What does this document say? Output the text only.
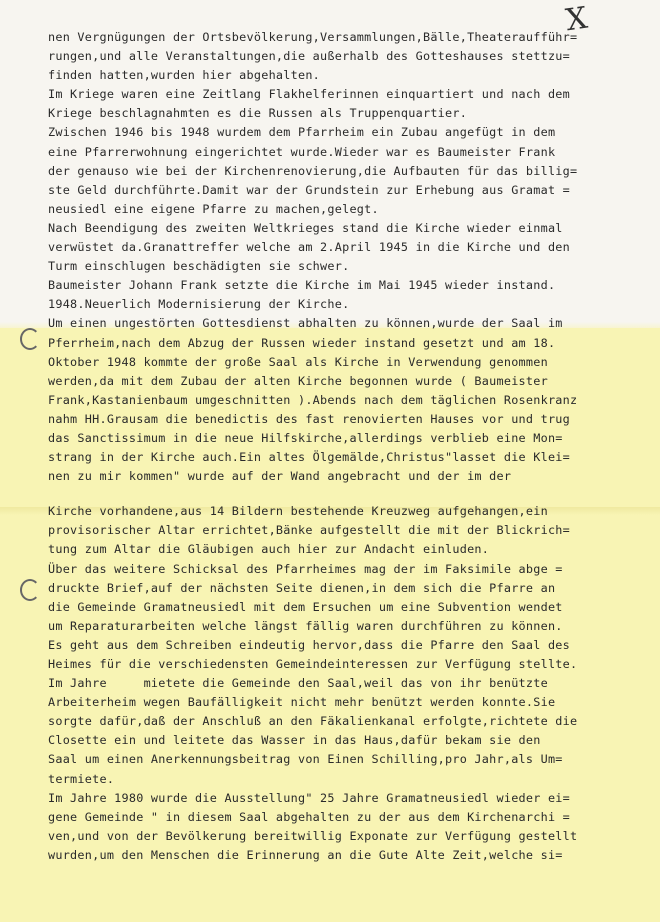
X
nen Vergnügungen der Ortsbevölkerung,Versammlungen,Bälle,Theateraufführ=
rungen,und alle Veranstaltungen,die außerhalb des Gotteshauses stettzu=
finden hatten,wurden hier abgehalten.
Im Kriege waren eine Zeitlang Flakhelferinnen einquartiert und nach dem
Kriege beschlagnahmten es die Russen als Truppenquartier.
Zwischen 1946 bis 1948 wurdem dem Pfarrheim ein Zubau angefügt in dem
eine Pfarrerwohnung eingerichtet wurde.Wieder war es Baumeister Frank
der genauso wie bei der Kirchenrenovierung,die Aufbauten für das billig=
ste Geld durchführte.Damit war der Grundstein zur Erhebung aus Gramat =
neusiedl eine eigene Pfarre zu machen,gelegt.
Nach Beendigung des zweiten Weltkrieges stand die Kirche wieder einmal
verwüstet da.Granattreffer welche am 2.April 1945 in die Kirche und den
Turm einschlugen beschädigten sie schwer.
Baumeister Johann Frank setzte die Kirche im Mai 1945 wieder instand.
1948.Neuerlich Modernisierung der Kirche.
Um einen ungestörten Gottesdienst abhalten zu können,wurde der Saal im
Pferrheim,nach dem Abzug der Russen wieder instand gesetzt und am 18.
Oktober 1948 kommte der große Saal als Kirche in Verwendung genommen
werden,da mit dem Zubau der alten Kirche begonnen wurde ( Baumeister
Frank,Kastanienbaum umgeschnitten ).Abends nach dem täglichen Rosenkranz
nahm HH.Grausam die benedictis des fast renovierten Hauses vor und trug
das Sanctissimum in die neue Hilfskirche,allerdings verblieb eine Mon=
strang in der Kirche auch.Ein altes Ölgemälde,Christus"lasset die Klei=
nen zu mir kommen" wurde auf der Wand angebracht und der im der
Kirche vorhandene,aus 14 Bildern bestehende Kreuzweg aufgehangen,ein
provisorischer Altar errichtet,Bänke aufgestellt die mit der Blickrich=
tung zum Altar die Gläubigen auch hier zur Andacht einluden.
Über das weitere Schicksal des Pfarrheimes mag der im Faksimile abge =
druckte Brief,auf der nächsten Seite dienen,in dem sich die Pfarre an
die Gemeinde Gramatneusiedl mit dem Ersuchen um eine Subvention wendet
um Reparaturarbeiten welche längst fällig waren durchführen zu können.
Es geht aus dem Schreiben eindeutig hervor,dass die Pfarre den Saal des
Heimes für die verschiedensten Gemeindeinteressen zur Verfügung stellte.
Im Jahre     mietete die Gemeinde den Saal,weil das von ihr benützte
Arbeiterheim wegen Baufälligkeit nicht mehr benützt werden konnte.Sie
sorgte dafür,daß der Anschluß an den Fäkalienkanal erfolgte,richtete die
Closette ein und leitete das Wasser in das Haus,dafür bekam sie den
Saal um einen Anerkennungsbeitrag von Einen Schilling,pro Jahr,als Um=
termiete.
Im Jahre 1980 wurde die Ausstellung" 25 Jahre Gramatneusiedl wieder ei=
gene Gemeinde " in diesem Saal abgehalten zu der aus dem Kirchenarchi =
ven,und von der Bevölkerung bereitwillig Exponate zur Verfügung gestellt
wurden,um den Menschen die Erinnerung an die Gute Alte Zeit,welche si=
